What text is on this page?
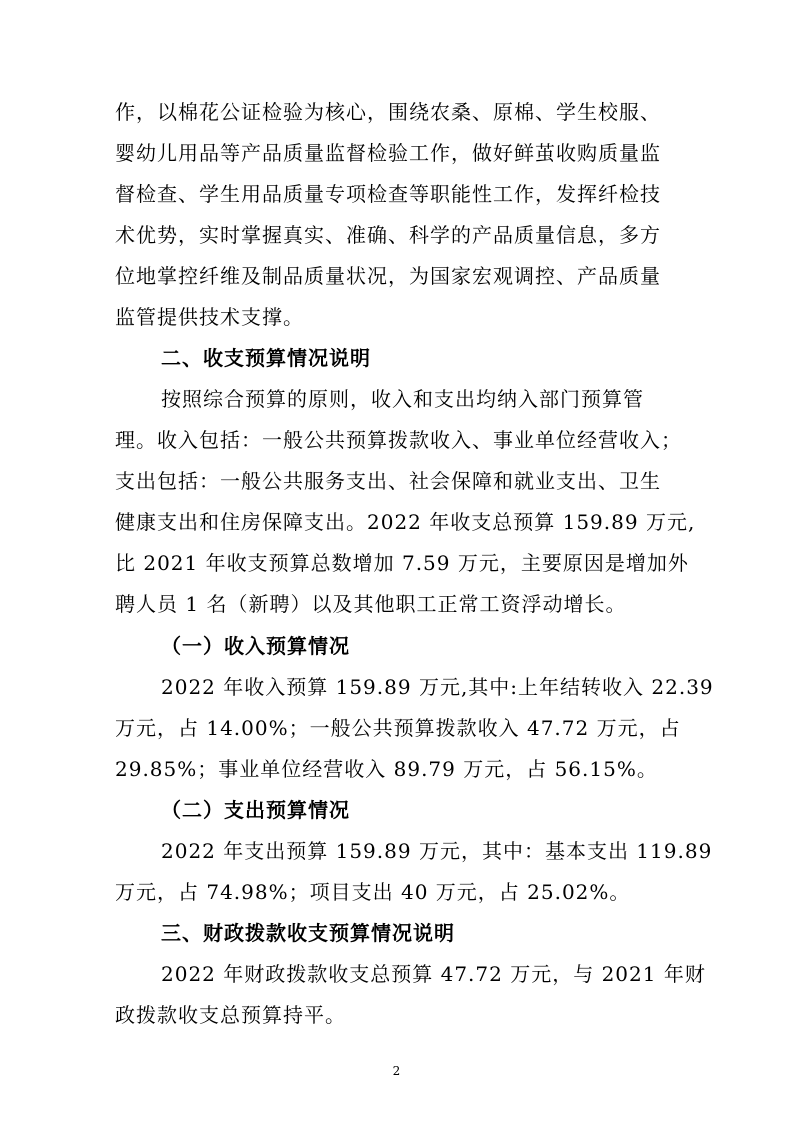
作，以棉花公证检验为核心，围绕农桑、原棉、学生校服、
婴幼儿用品等产品质量监督检验工作，做好鲜茧收购质量监
督检查、学生用品质量专项检查等职能性工作，发挥纤检技
术优势，实时掌握真实、准确、科学的产品质量信息，多方
位地掌控纤维及制品质量状况，为国家宏观调控、产品质量
监管提供技术支撑。
二、收支预算情况说明
按照综合预算的原则，收入和支出均纳入部门预算管
理。收入包括：一般公共预算拨款收入、事业单位经营收入；
支出包括：一般公共服务支出、社会保障和就业支出、卫生
健康支出和住房保障支出。2022 年收支总预算 159.89 万元,
比 2021 年收支预算总数增加 7.59 万元，主要原因是增加外
聘人员 1 名（新聘）以及其他职工正常工资浮动增长。
（一）收入预算情况
2022 年收入预算 159.89 万元,其中:上年结转收入 22.39
万元，占 14.00%；一般公共预算拨款收入 47.72 万元，占
29.85%；事业单位经营收入 89.79 万元，占 56.15%。
（二）支出预算情况
2022 年支出预算 159.89 万元，其中：基本支出 119.89
万元，占 74.98%；项目支出 40 万元，占 25.02%。
三、财政拨款收支预算情况说明
2022 年财政拨款收支总预算 47.72 万元，与 2021 年财
政拨款收支总预算持平。
2
